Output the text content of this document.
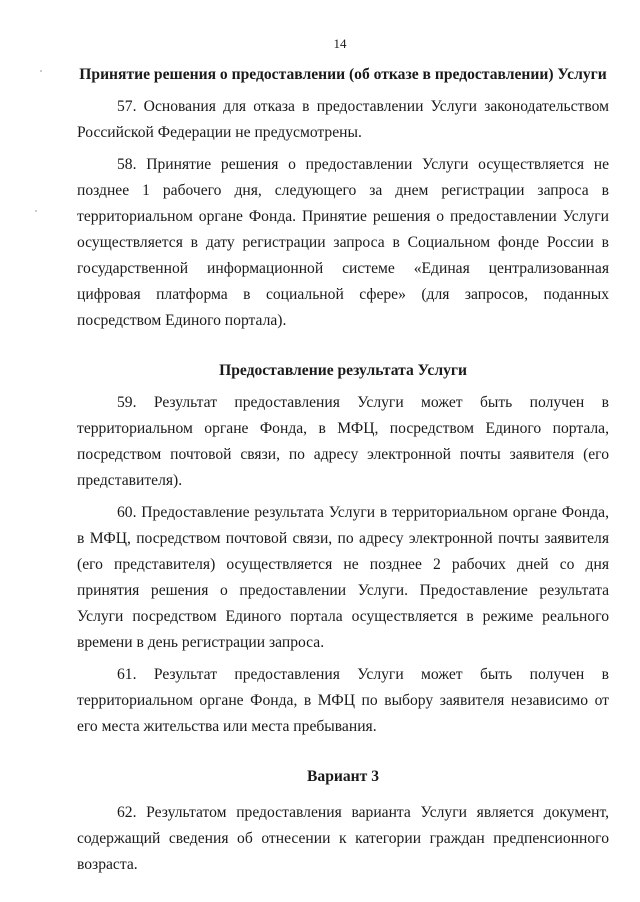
14

Принятие решения о предоставлении (об отказе в предоставлении) Услуги

57. Основания для отказа в предоставлении Услуги законодательством Российской Федерации не предусмотрены.

58. Принятие решения о предоставлении Услуги осуществляется не позднее 1 рабочего дня, следующего за днем регистрации запроса в территориальном органе Фонда. Принятие решения о предоставлении Услуги осуществляется в дату регистрации запроса в Социальном фонде России в государственной информационной системе «Единая централизованная цифровая платформа в социальной сфере» (для запросов, поданных посредством Единого портала).

Предоставление результата Услуги

59. Результат предоставления Услуги может быть получен в территориальном органе Фонда, в МФЦ, посредством Единого портала, посредством почтовой связи, по адресу электронной почты заявителя (его представителя).

60. Предоставление результата Услуги в территориальном органе Фонда, в МФЦ, посредством почтовой связи, по адресу электронной почты заявителя (его представителя) осуществляется не позднее 2 рабочих дней со дня принятия решения о предоставлении Услуги. Предоставление результата Услуги посредством Единого портала осуществляется в режиме реального времени в день регистрации запроса.

61. Результат предоставления Услуги может быть получен в территориальном органе Фонда, в МФЦ по выбору заявителя независимо от его места жительства или места пребывания.

Вариант 3

62. Результатом предоставления варианта Услуги является документ, содержащий сведения об отнесении к категории граждан предпенсионного возраста.
